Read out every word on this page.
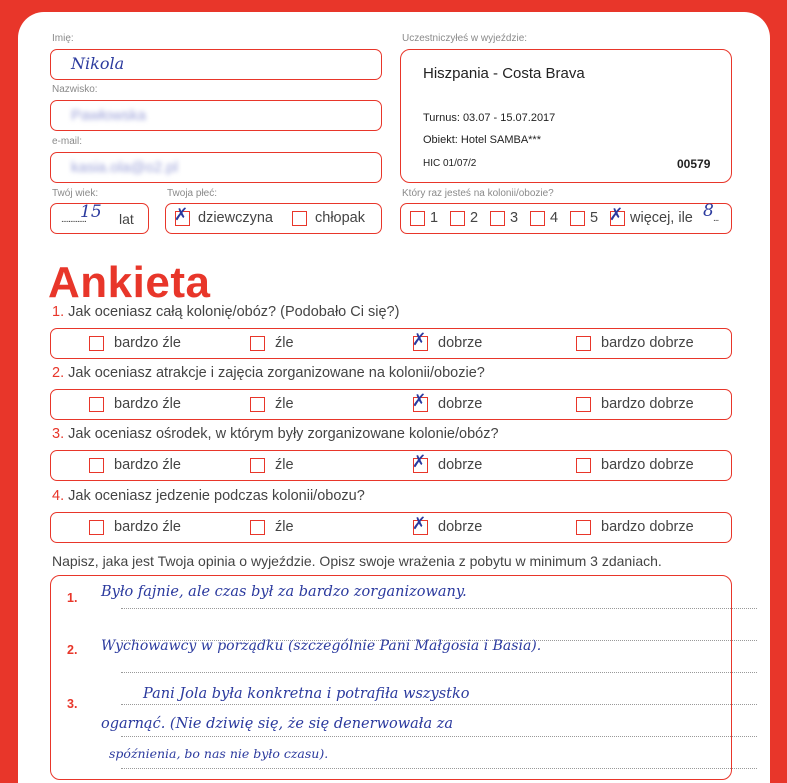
Imię:
Nikola
Nazwisko:
Pawłowska
e-mail:
kasia.ola@o2.pl
Twój wiek:
..............
15 lat
Twoja płeć:
✗ dziewczyna	chłopak
Uczestniczyłeś w wyjeździe:
Hiszpania - Costa Brava
Turnus: 03.07 - 15.07.2017
Obiekt: Hotel SAMBA***
HIC 01/07/2	00579
Który raz jesteś na kolonii/obozie?
1 2 3 4 5 ✗ więcej, ile 8 ...
Ankieta
1. Jak oceniasz całą kolonię/obóz? (Podobało Ci się?)
bardzo źle	źle	✗ dobrze	bardzo dobrze
2. Jak oceniasz atrakcje i zajęcia zorganizowane na kolonii/obozie?
bardzo źle	źle	✗ dobrze	bardzo dobrze
3. Jak oceniasz ośrodek, w którym były zorganizowane kolonie/obóz?
bardzo źle	źle	✗ dobrze	bardzo dobrze
4. Jak oceniasz jedzenie podczas kolonii/obozu?
bardzo źle	źle	✗ dobrze	bardzo dobrze
Napisz, jaka jest Twoja opinia o wyjeździe. Opisz swoje wrażenia z pobytu w minimum 3 zdaniach.
1. Było fajnie, ale czas był za bardzo zorganizowany.
2. Wychowawcy w porządku (szczególnie Pani Małgosia i Basia).
3.
Pani Jola była konkretna i potrafiła wszystko
ogarnąć. (Nie dziwię się, że się denerwowała za
spóźnienia, bo nas nie było czasu).
